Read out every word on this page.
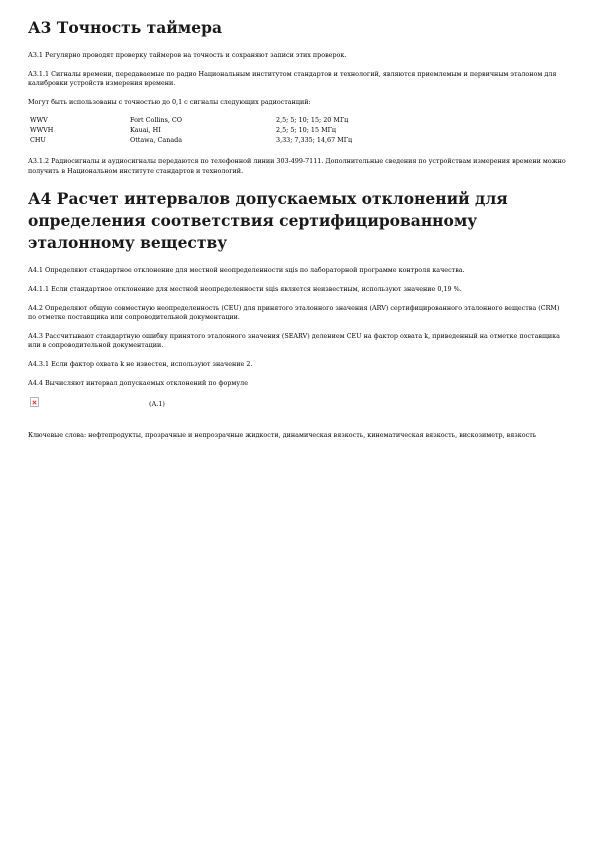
А3 Точность таймера

А3.1 Регулярно проводят проверку таймеров на точность и сохраняют записи этих проверок.

А3.1.1 Сигналы времени, передаваемые по радио Национальным институтом стандартов и технологий, являются приемлемым и первичным эталоном для калибровки устройств измерения времени.

Могут быть использованы с точностью до 0,1 с сигналы следующих радиостанций:

WWV	Fort Collins, CO	2,5; 5; 10; 15; 20 МГц
WWVH	Kauai, HI	2,5; 5; 10; 15 МГц
CHU	Ottawa, Canada	3,33; 7,335; 14,67 МГц

А3.1.2 Радиосигналы и аудиосигналы передаются по телефонной линии 303-499-7111. Дополнительные сведения по устройствам измерения времени можно получить в Национальном институте стандартов и технологий.

А4 Расчет интервалов допускаемых отклонений для определения соответствия сертифицированному эталонному веществу

А4.1 Определяют стандартное отклонение для местной неопределенности sцis по лабораторной программе контроля качества.

А4.1.1 Если стандартное отклонение для местной неопределенности sцis является неизвестным, используют значение 0,19 %.

А4.2 Определяют общую совместную неопределенность (CEU) для принятого эталонного значения (ARV) сертифицированного эталонного вещества (CRM) по отметке поставщика или сопроводительной документации.

А4.3 Рассчитывают стандартную ошибку принятого эталонного значения (SEARV) делением CEU на фактор охвата k, приведенный на отметке поставщика или в сопроводительной документации.

А4.3.1 Если фактор охвата k не известен, используют значение 2.

А4.4 Вычисляют интервал допускаемых отклонений по формуле

(А.1)

Ключевые слова: нефтепродукты, прозрачные и непрозрачные жидкости, динамическая вязкость, кинематическая вязкость, вискозиметр, вязкость
